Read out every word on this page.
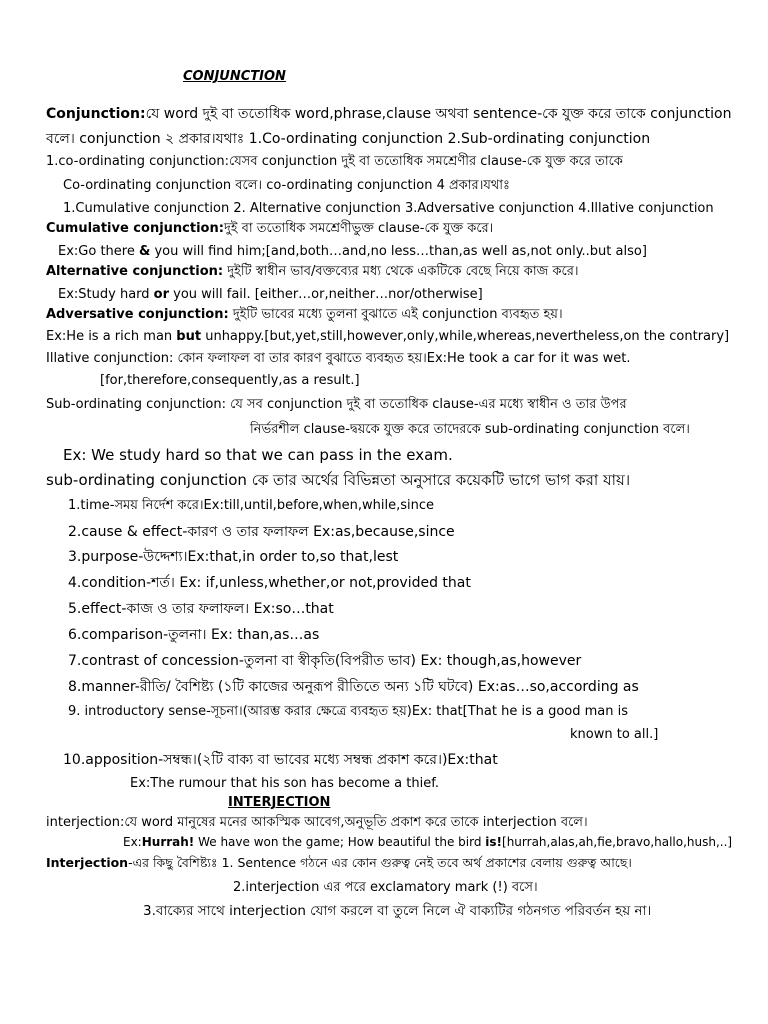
CONJUNCTION
Conjunction:যে word দুই বা ততোধিক word,phrase,clause অথবা sentence-কে যুক্ত করে তাকে conjunction
বলে। conjunction ২ প্রকার।যথাঃ 1.Co-ordinating conjunction 2.Sub-ordinating conjunction
1.co-ordinating conjunction:যেসব conjunction দুই বা ততোধিক সমশ্রেণীর clause-কে যুক্ত করে তাকে
Co-ordinating conjunction বলে। co-ordinating conjunction 4 প্রকার।যথাঃ
1.Cumulative conjunction 2. Alternative conjunction 3.Adversative conjunction 4.Illative conjunction
Cumulative conjunction:দুই বা ততোধিক সমশ্রেণীভুক্ত clause-কে যুক্ত করে।
Ex:Go there & you will find him;[and,both…and,no less…than,as well as,not only..but also]
Alternative conjunction: দুইটি স্বাধীন ভাব/বক্তব্যের মধ্য থেকে একটিকে বেছে নিয়ে কাজ করে।
Ex:Study hard or you will fail. [either…or,neither…nor/otherwise]
Adversative conjunction: দুইটি ভাবের মধ্যে তুলনা বুঝাতে এই conjunction ব্যবহৃত হয়।
Ex:He is a rich man but unhappy.[but,yet,still,however,only,while,whereas,nevertheless,on the contrary]
Illative conjunction: কোন ফলাফল বা তার কারণ বুঝাতে ব্যবহৃত হয়।Ex:He took a car for it was wet.
[for,therefore,consequently,as a result.]
Sub-ordinating conjunction: যে সব conjunction দুই বা ততোধিক clause-এর মধ্যে স্বাধীন ও তার উপর
নির্ভরশীল clause-দ্বয়কে যুক্ত করে তাদেরকে sub-ordinating conjunction বলে।
Ex: We study hard so that we can pass in the exam.
sub-ordinating conjunction কে তার অর্থের বিভিন্নতা অনুসারে কয়েকটি ভাগে ভাগ করা যায়।
1.time-সময় নির্দেশ করে।Ex:till,until,before,when,while,since
2.cause & effect-কারণ ও তার ফলাফল Ex:as,because,since
3.purpose-উদ্দেশ্য।Ex:that,in order to,so that,lest
4.condition-শর্ত। Ex: if,unless,whether,or not,provided that
5.effect-কাজ ও তার ফলাফল। Ex:so…that
6.comparison-তুলনা। Ex: than,as…as
7.contrast of concession-তুলনা বা স্বীকৃতি(বিপরীত ভাব) Ex: though,as,however
8.manner-রীতি/ বৈশিষ্ট্য (১টি কাজের অনুরূপ রীতিতে অন্য ১টি ঘটবে) Ex:as…so,according as
9. introductory sense-সূচনা।(আরম্ভ করার ক্ষেত্রে ব্যবহৃত হয়)Ex: that[That he is a good man is
known to all.]
10.apposition-সম্বন্ধ।(২টি বাক্য বা ভাবের মধ্যে সম্বন্ধ প্রকাশ করে।)Ex:that
Ex:The rumour that his son has become a thief.
INTERJECTION
interjection:যে word মানুষের মনের আকস্মিক আবেগ,অনুভূতি প্রকাশ করে তাকে interjection বলে।
Ex:Hurrah! We have won the game; How beautiful the bird is![hurrah,alas,ah,fie,bravo,hallo,hush,..]
Interjection-এর কিছু বৈশিষ্ট্যঃ 1. Sentence গঠনে এর কোন গুরুত্ব নেই তবে অর্থ প্রকাশের বেলায় গুরুত্ব আছে।
2.interjection এর পরে exclamatory mark (!) বসে।
3.বাক্যের সাথে interjection যোগ করলে বা তুলে নিলে ঐ বাক্যটির গঠনগত পরিবর্তন হয় না।
